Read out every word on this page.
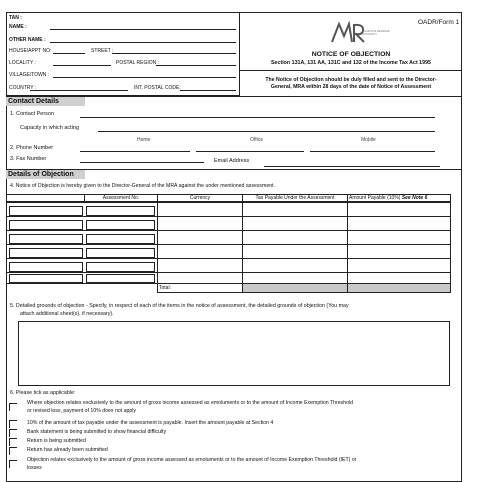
TAN :
NAME :
OTHER NAME :
HOUSE/APPT NO:	STREET :
LOCALITY :	POSTAL REGION :
VILLAGE/TOWN :
COUNTRY :	INT. POSTAL CODE:
MAURITIUS REVENUE AUTHORITY
OADR/Form 1
NOTICE OF OBJECTION
Section 131A, 131 AA, 131C and 132 of the Income Tax Act 1995
The Notice of Objection should be duly filled and sent to the Director-
General, MRA within 28 days of the date of Notice of Assessment
Contact Details
1. Contact Person
Capacity in which acting
Home	Office	Mobile
2. Phone Number
3. Fax Number	Email Address
Details of Objection
4. Notice of Objection is hereby given to the Director-General of the MRA against the under mentioned assessment.
Assessment No.	Currency	Tax Payable Under the Assessment	Amount Payable (10%) See Note 6
Total:
5. Detailed grounds of objection - Specify, in respect of each of the items in the notice of assessment, the detailed grounds of objection (You may
attach additional sheet(s), if necessary).
6. Please tick as applicable:
Where objection relates exclusively to the amount of gross income assessed as emoluments or to the amount of Income Exemption Threshold
or revised loss, payment of 10% does not apply
10% of the amount of tax payable under the assessment is payable. Insert the amount payable at Section 4
Bank statement is being submitted to show financial difficulty
Return is being submitted
Return has already been submitted
Objection relates exclusively to the amount of gross income assessed as emoluments or to the amount of Income Exemption Threshold (IET) or
losses
